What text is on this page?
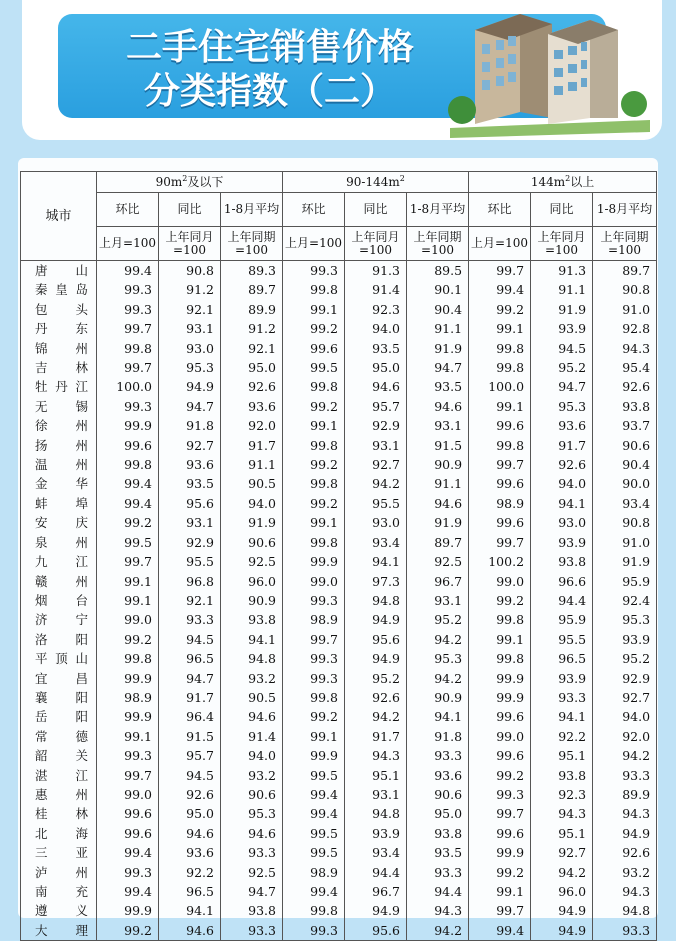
二手住宅销售价格
分类指数（二）
城市	$90m^2$及以下			$90-144m^2$			$144m^2$以上		
	环比	同比	1-8月平均	环比	同比	1-8月平均	环比	同比	1-8月平均
	上月=100	上年同月=100	上年同期=100	上月=100	上年同月=100	上年同期=100	上月=100	上年同月=100	上年同期=100
唐山	99.4	90.8	89.3	99.3	91.3	89.5	99.7	91.3	89.7
秦皇岛	99.3	91.2	89.7	99.8	91.4	90.1	99.4	91.1	90.8
包头	99.3	92.1	89.9	99.1	92.3	90.4	99.2	91.9	91.0
丹东	99.7	93.1	91.2	99.2	94.0	91.1	99.1	93.9	92.8
锦州	99.8	93.0	92.1	99.6	93.5	91.9	99.8	94.5	94.3
吉林	99.7	95.3	95.0	99.5	95.0	94.7	99.8	95.2	95.4
牡丹江	100.0	94.9	92.6	99.8	94.6	93.5	100.0	94.7	92.6
无锡	99.3	94.7	93.6	99.2	95.7	94.6	99.1	95.3	93.8
徐州	99.9	91.8	92.0	99.1	92.9	93.1	99.6	93.6	93.7
扬州	99.6	92.7	91.7	99.8	93.1	91.5	99.8	91.7	90.6
温州	99.8	93.6	91.1	99.2	92.7	90.9	99.7	92.6	90.4
金华	99.4	93.5	90.5	99.8	94.2	91.1	99.6	94.0	90.0
蚌埠	99.4	95.6	94.0	99.2	95.5	94.6	98.9	94.1	93.4
安庆	99.2	93.1	91.9	99.1	93.0	91.9	99.6	93.0	90.8
泉州	99.5	92.9	90.6	99.8	93.4	89.7	99.7	93.9	91.0
九江	99.7	95.5	92.5	99.9	94.1	92.5	100.2	93.8	91.9
赣州	99.1	96.8	96.0	99.0	97.3	96.7	99.0	96.6	95.9
烟台	99.1	92.1	90.9	99.3	94.8	93.1	99.2	94.4	92.4
济宁	99.0	93.3	93.8	98.9	94.9	95.2	99.8	95.9	95.3
洛阳	99.2	94.5	94.1	99.7	95.6	94.2	99.1	95.5	93.9
平顶山	99.8	96.5	94.8	99.3	94.9	95.3	99.8	96.5	95.2
宜昌	99.9	94.7	93.2	99.3	95.2	94.2	99.9	93.9	92.9
襄阳	98.9	91.7	90.5	99.8	92.6	90.9	99.9	93.3	92.7
岳阳	99.9	96.4	94.6	99.2	94.2	94.1	99.6	94.1	94.0
常德	99.1	91.5	91.4	99.1	91.7	91.8	99.0	92.2	92.0
韶关	99.3	95.7	94.0	99.9	94.3	93.3	99.6	95.1	94.2
湛江	99.7	94.5	93.2	99.5	95.1	93.6	99.2	93.8	93.3
惠州	99.0	92.6	90.6	99.4	93.1	90.6	99.3	92.3	89.9
桂林	99.6	95.0	95.3	99.4	94.8	95.0	99.7	94.3	94.3
北海	99.6	94.6	94.6	99.5	93.9	93.8	99.6	95.1	94.9
三亚	99.4	93.6	93.3	99.5	93.4	93.5	99.9	92.7	92.6
泸州	99.3	92.2	92.5	98.9	94.4	93.3	99.2	94.2	93.2
南充	99.4	96.5	94.7	99.4	96.7	94.4	99.1	96.0	94.3
遵义	99.9	94.1	93.8	99.8	94.9	94.3	99.7	94.9	94.8
大理	99.2	94.6	93.3	99.3	95.6	94.2	99.4	94.9	93.3
